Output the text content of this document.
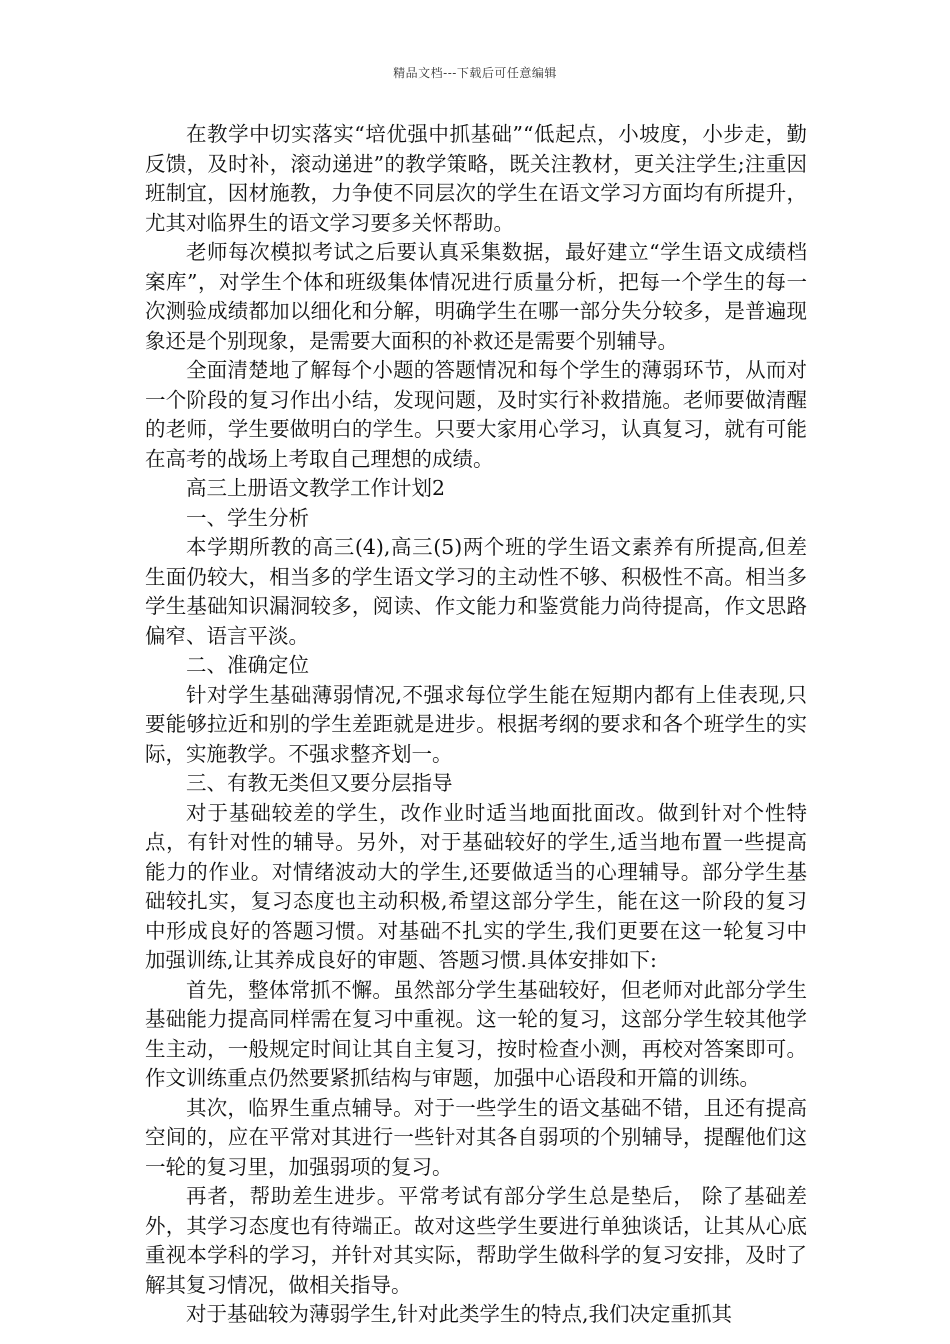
精品文档---下载后可任意编辑

在教学中切实落实“培优强中抓基础”“低起点，小坡度，小步走，勤反馈，及时补，滚动递进”的教学策略，既关注教材，更关注学生;注重因班制宜，因材施教，力争使不同层次的学生在语文学习方面均有所提升，尤其对临界生的语文学习要多关怀帮助。

老师每次模拟考试之后要认真采集数据，最好建立“学生语文成绩档案库”，对学生个体和班级集体情况进行质量分析，把每一个学生的每一次测验成绩都加以细化和分解，明确学生在哪一部分失分较多，是普遍现象还是个别现象，是需要大面积的补救还是需要个别辅导。

全面清楚地了解每个小题的答题情况和每个学生的薄弱环节，从而对一个阶段的复习作出小结，发现问题，及时实行补救措施。老师要做清醒的老师，学生要做明白的学生。只要大家用心学习，认真复习，就有可能在高考的战场上考取自己理想的成绩。

高三上册语文教学工作计划2

一、学生分析

本学期所教的高三(4),高三(5)两个班的学生语文素养有所提高,但差生面仍较大，相当多的学生语文学习的主动性不够、积极性不高。相当多学生基础知识漏洞较多，阅读、作文能力和鉴赏能力尚待提高，作文思路偏窄、语言平淡。

二、准确定位

针对学生基础薄弱情况,不强求每位学生能在短期内都有上佳表现,只要能够拉近和别的学生差距就是进步。根据考纲的要求和各个班学生的实际，实施教学。不强求整齐划一。

三、有教无类但又要分层指导

对于基础较差的学生，改作业时适当地面批面改。做到针对个性特点，有针对性的辅导。另外，对于基础较好的学生,适当地布置一些提高能力的作业。对情绪波动大的学生,还要做适当的心理辅导。部分学生基础较扎实，复习态度也主动积极,希望这部分学生，能在这一阶段的复习中形成良好的答题习惯。对基础不扎实的学生,我们更要在这一轮复习中加强训练,让其养成良好的审题、答题习惯.具体安排如下:

首先，整体常抓不懈。虽然部分学生基础较好，但老师对此部分学生基础能力提高同样需在复习中重视。这一轮的复习，这部分学生较其他学生主动，一般规定时间让其自主复习，按时检查小测，再校对答案即可。作文训练重点仍然要紧抓结构与审题，加强中心语段和开篇的训练。

其次，临界生重点辅导。对于一些学生的语文基础不错，且还有提高空间的，应在平常对其进行一些针对其各自弱项的个别辅导，提醒他们这一轮的复习里，加强弱项的复习。

再者，帮助差生进步。平常考试有部分学生总是垫后， 除了基础差外，其学习态度也有待端正。故对这些学生要进行单独谈话，让其从心底重视本学科的学习，并针对其实际，帮助学生做科学的复习安排，及时了解其复习情况，做相关指导。

对于基础较为薄弱学生,针对此类学生的特点,我们决定重抓其
